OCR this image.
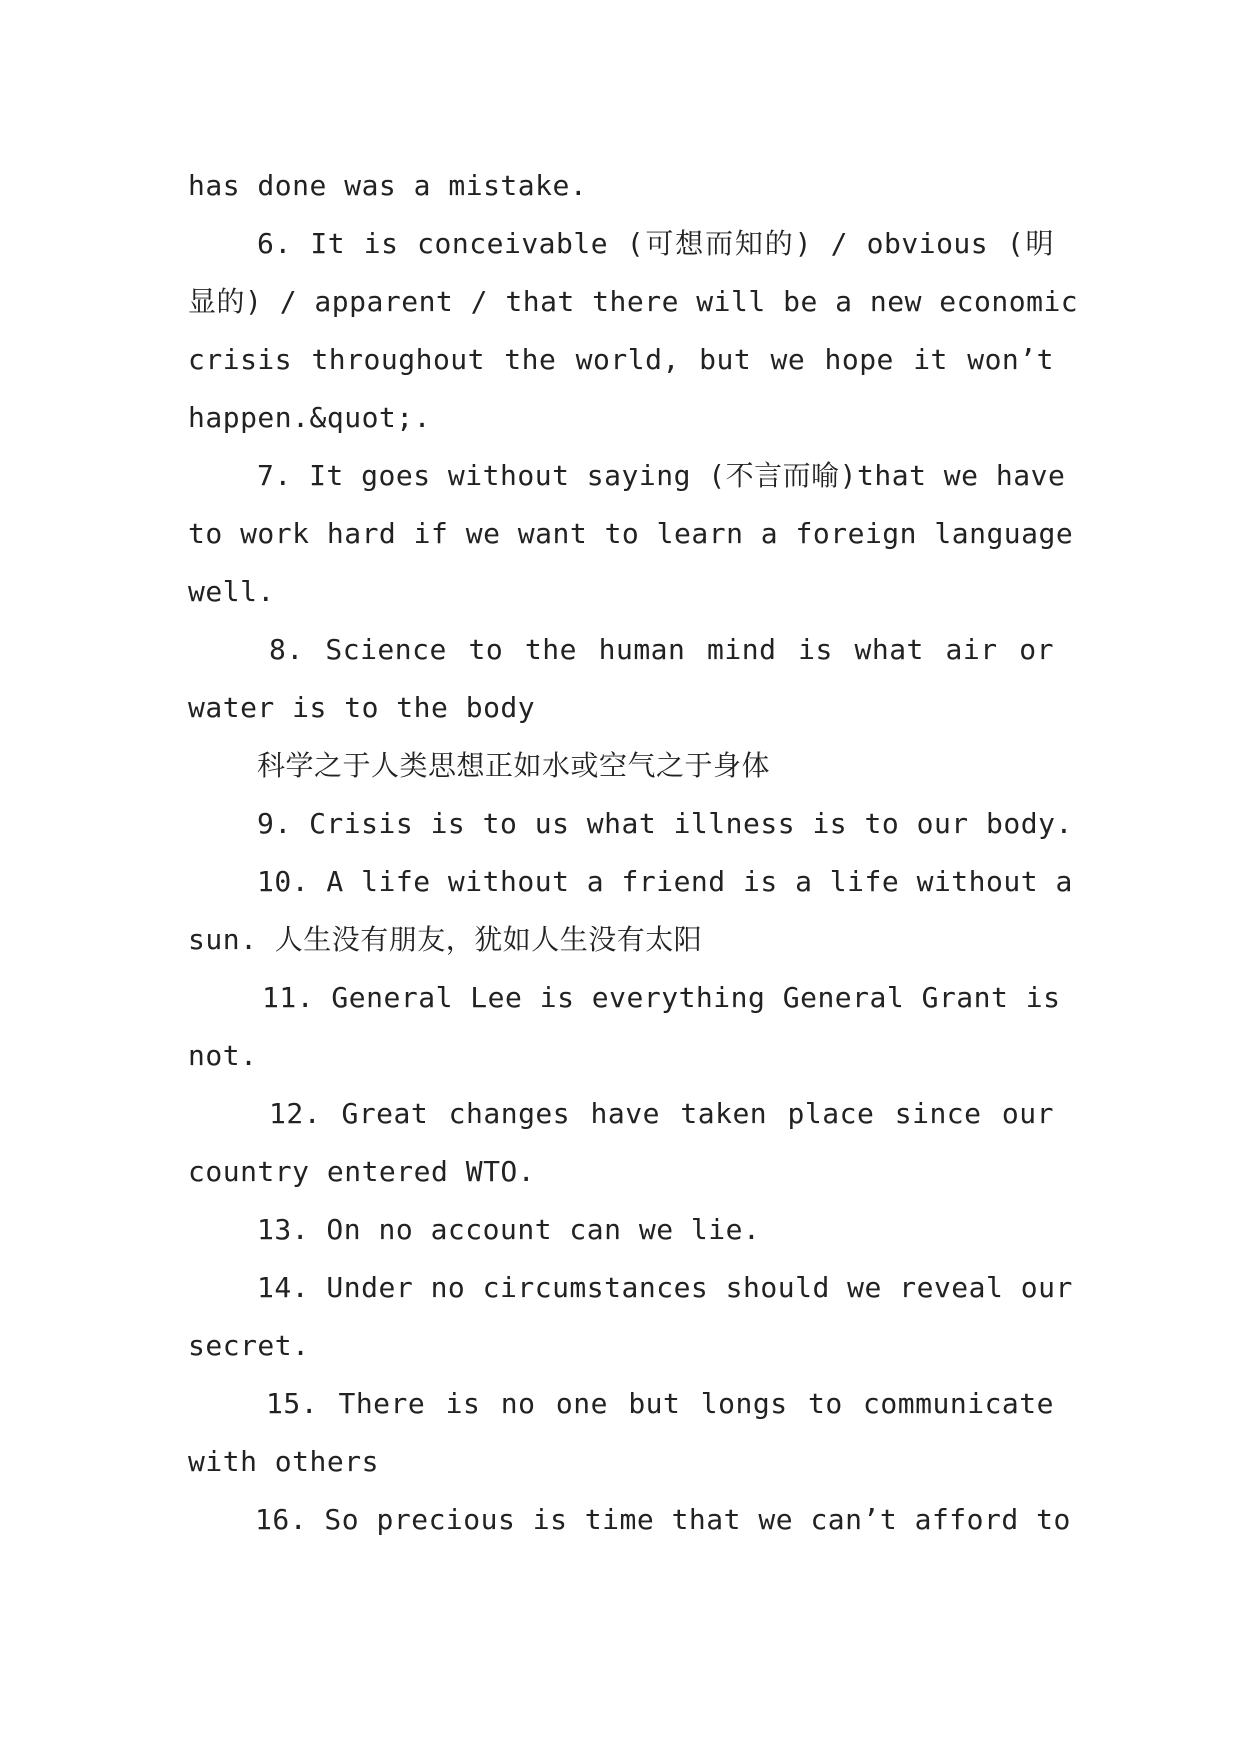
has done was a mistake.
6. It is conceivable (可想而知的) / obvious (明
显的) / apparent / that there will be a new economic
crisis throughout the world, but we hope it won’t
happen.&quot;.
7. It goes without saying (不言而喻)that we have
to work hard if we want to learn a foreign language
well.
8. Science to the human mind is what air or
water is to the body
科学之于人类思想正如水或空气之于身体
9. Crisis is to us what illness is to our body.
10. A life without a friend is a life without a
sun. 人生没有朋友，犹如人生没有太阳
11. General Lee is everything General Grant is
not.
12. Great changes have taken place since our
country entered WTO.
13. On no account can we lie.
14. Under no circumstances should we reveal our
secret.
15. There is no one but longs to communicate
with others
16. So precious is time that we can’t afford to
